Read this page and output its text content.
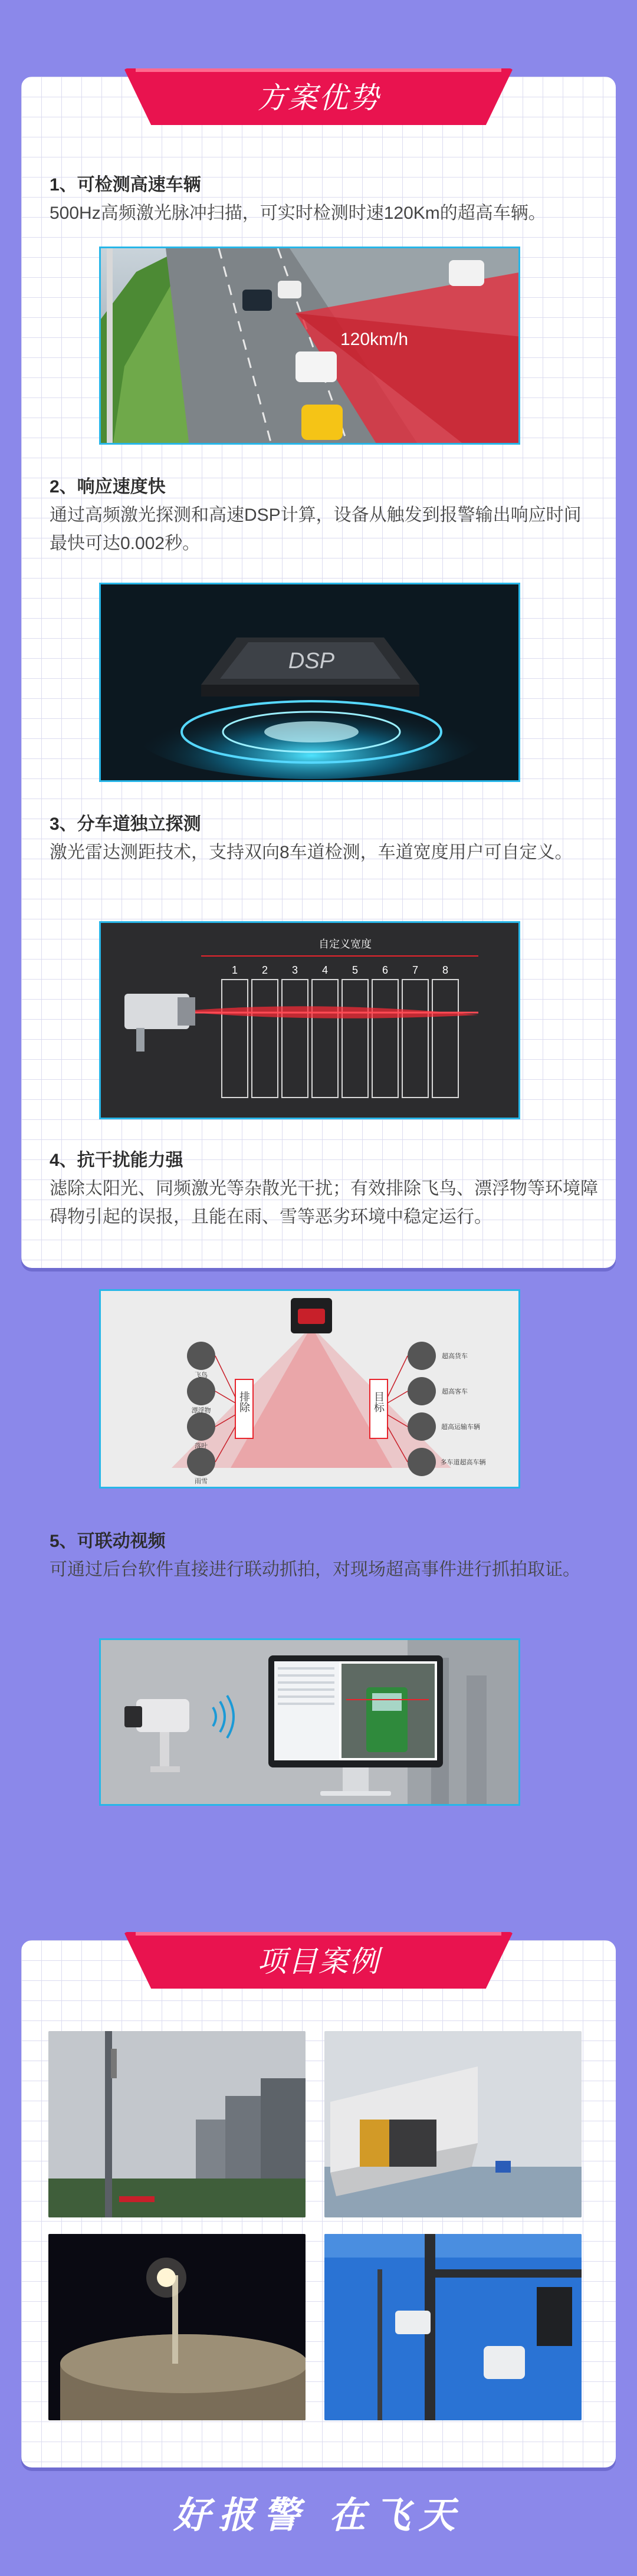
方案优势
1、可检测高速车辆
500Hz高频激光脉冲扫描，可实时检测时速120Km的超高车辆。
120km/h
2、响应速度快
通过高频激光探测和高速DSP计算，设备从触发到报警输出响应时间最快可达0.002秒。
DSP
3、分车道独立探测
激光雷达测距技术，支持双向8车道检测，车道宽度用户可自定义。
自定义宽度
1 2 3 4 5 6 7 8
4、抗干扰能力强
滤除太阳光、同频激光等杂散光干扰；有效排除飞鸟、漂浮物等环境障碍物引起的误报，且能在雨、雪等恶劣环境中稳定运行。
排除	目标
飞鸟
漂浮物
落叶
雨雪
超高货车
超高客车
超高运输车辆
多车道超高车辆
5、可联动视频
可通过后台软件直接进行联动抓拍，对现场超高事件进行抓拍取证。
项目案例
好报警 在飞天
